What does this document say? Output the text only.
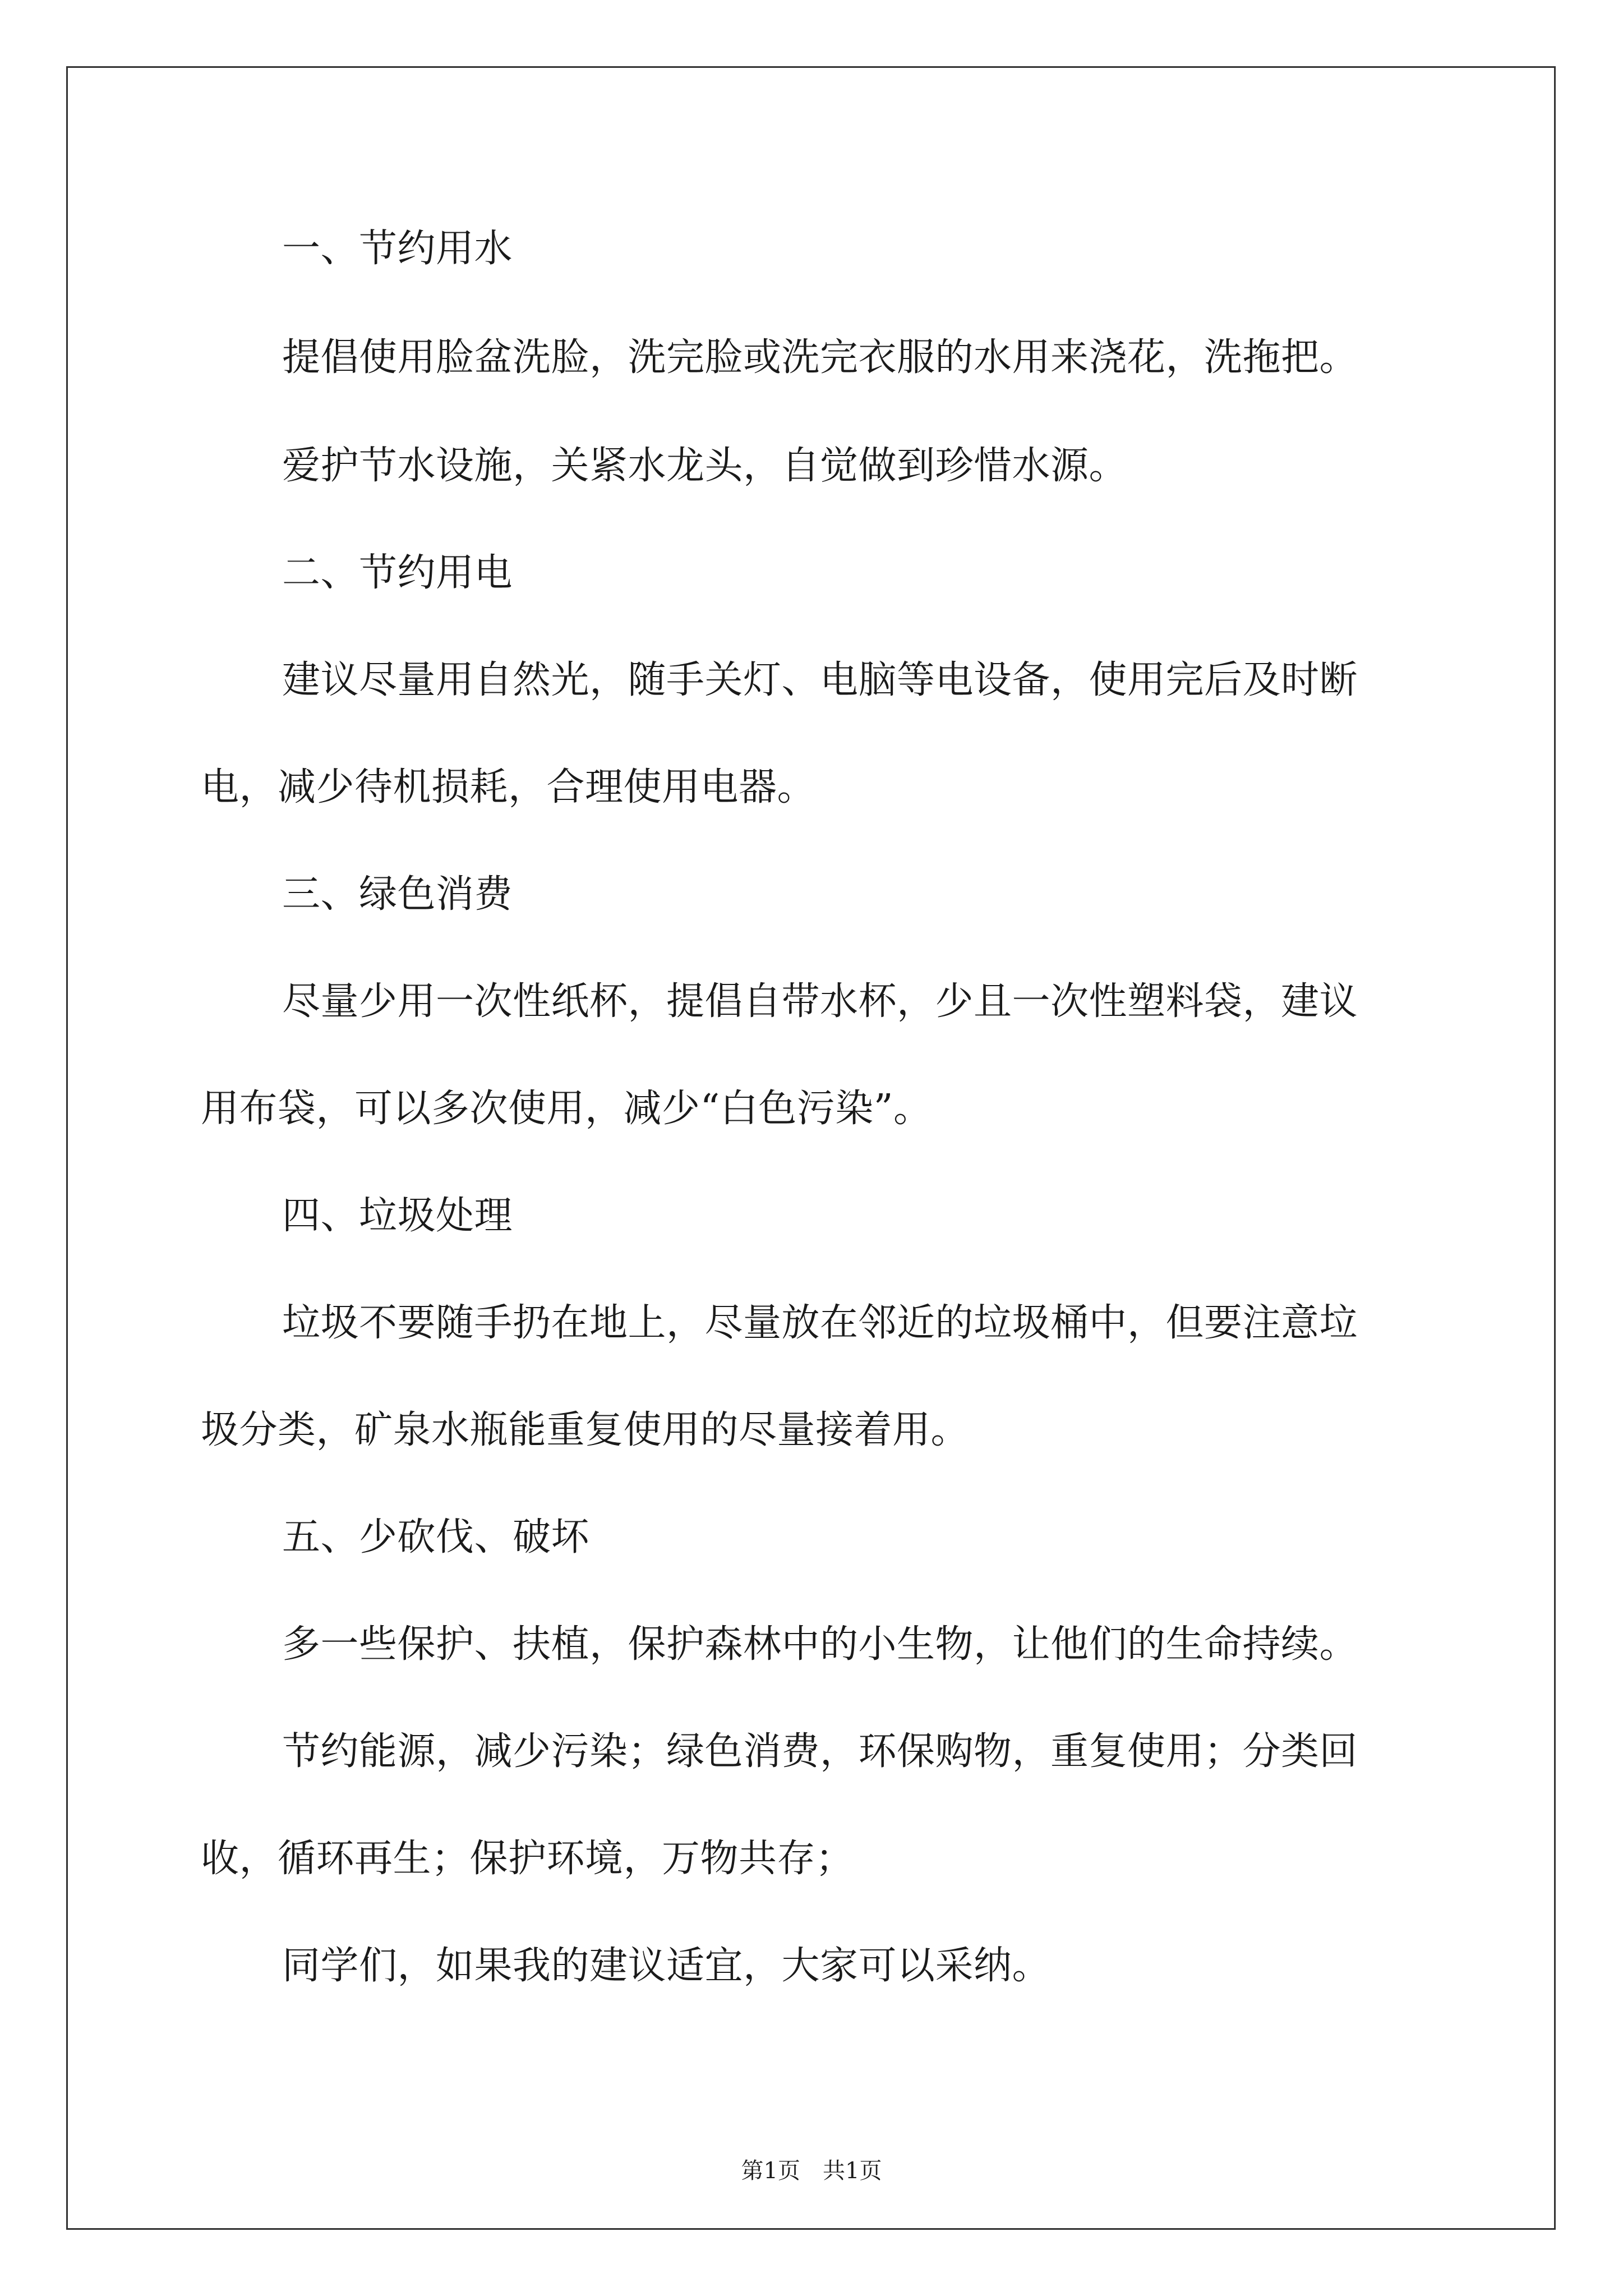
一、节约用水
提倡使用脸盆洗脸，洗完脸或洗完衣服的水用来浇花，洗拖把。
爱护节水设施，关紧水龙头，自觉做到珍惜水源。
二、节约用电
建议尽量用自然光，随手关灯、电脑等电设备，使用完后及时断
电，减少待机损耗，合理使用电器。
三、绿色消费
尽量少用一次性纸杯，提倡自带水杯，少且一次性塑料袋，建议
用布袋，可以多次使用，减少“白色污染”。
四、垃圾处理
垃圾不要随手扔在地上，尽量放在邻近的垃圾桶中，但要注意垃
圾分类，矿泉水瓶能重复使用的尽量接着用。
五、少砍伐、破坏
多一些保护、扶植，保护森林中的小生物，让他们的生命持续。
节约能源，减少污染；绿色消费，环保购物，重复使用；分类回
收，循环再生；保护环境，万物共存；
同学们，如果我的建议适宜，大家可以采纳。
第1页　共1页
